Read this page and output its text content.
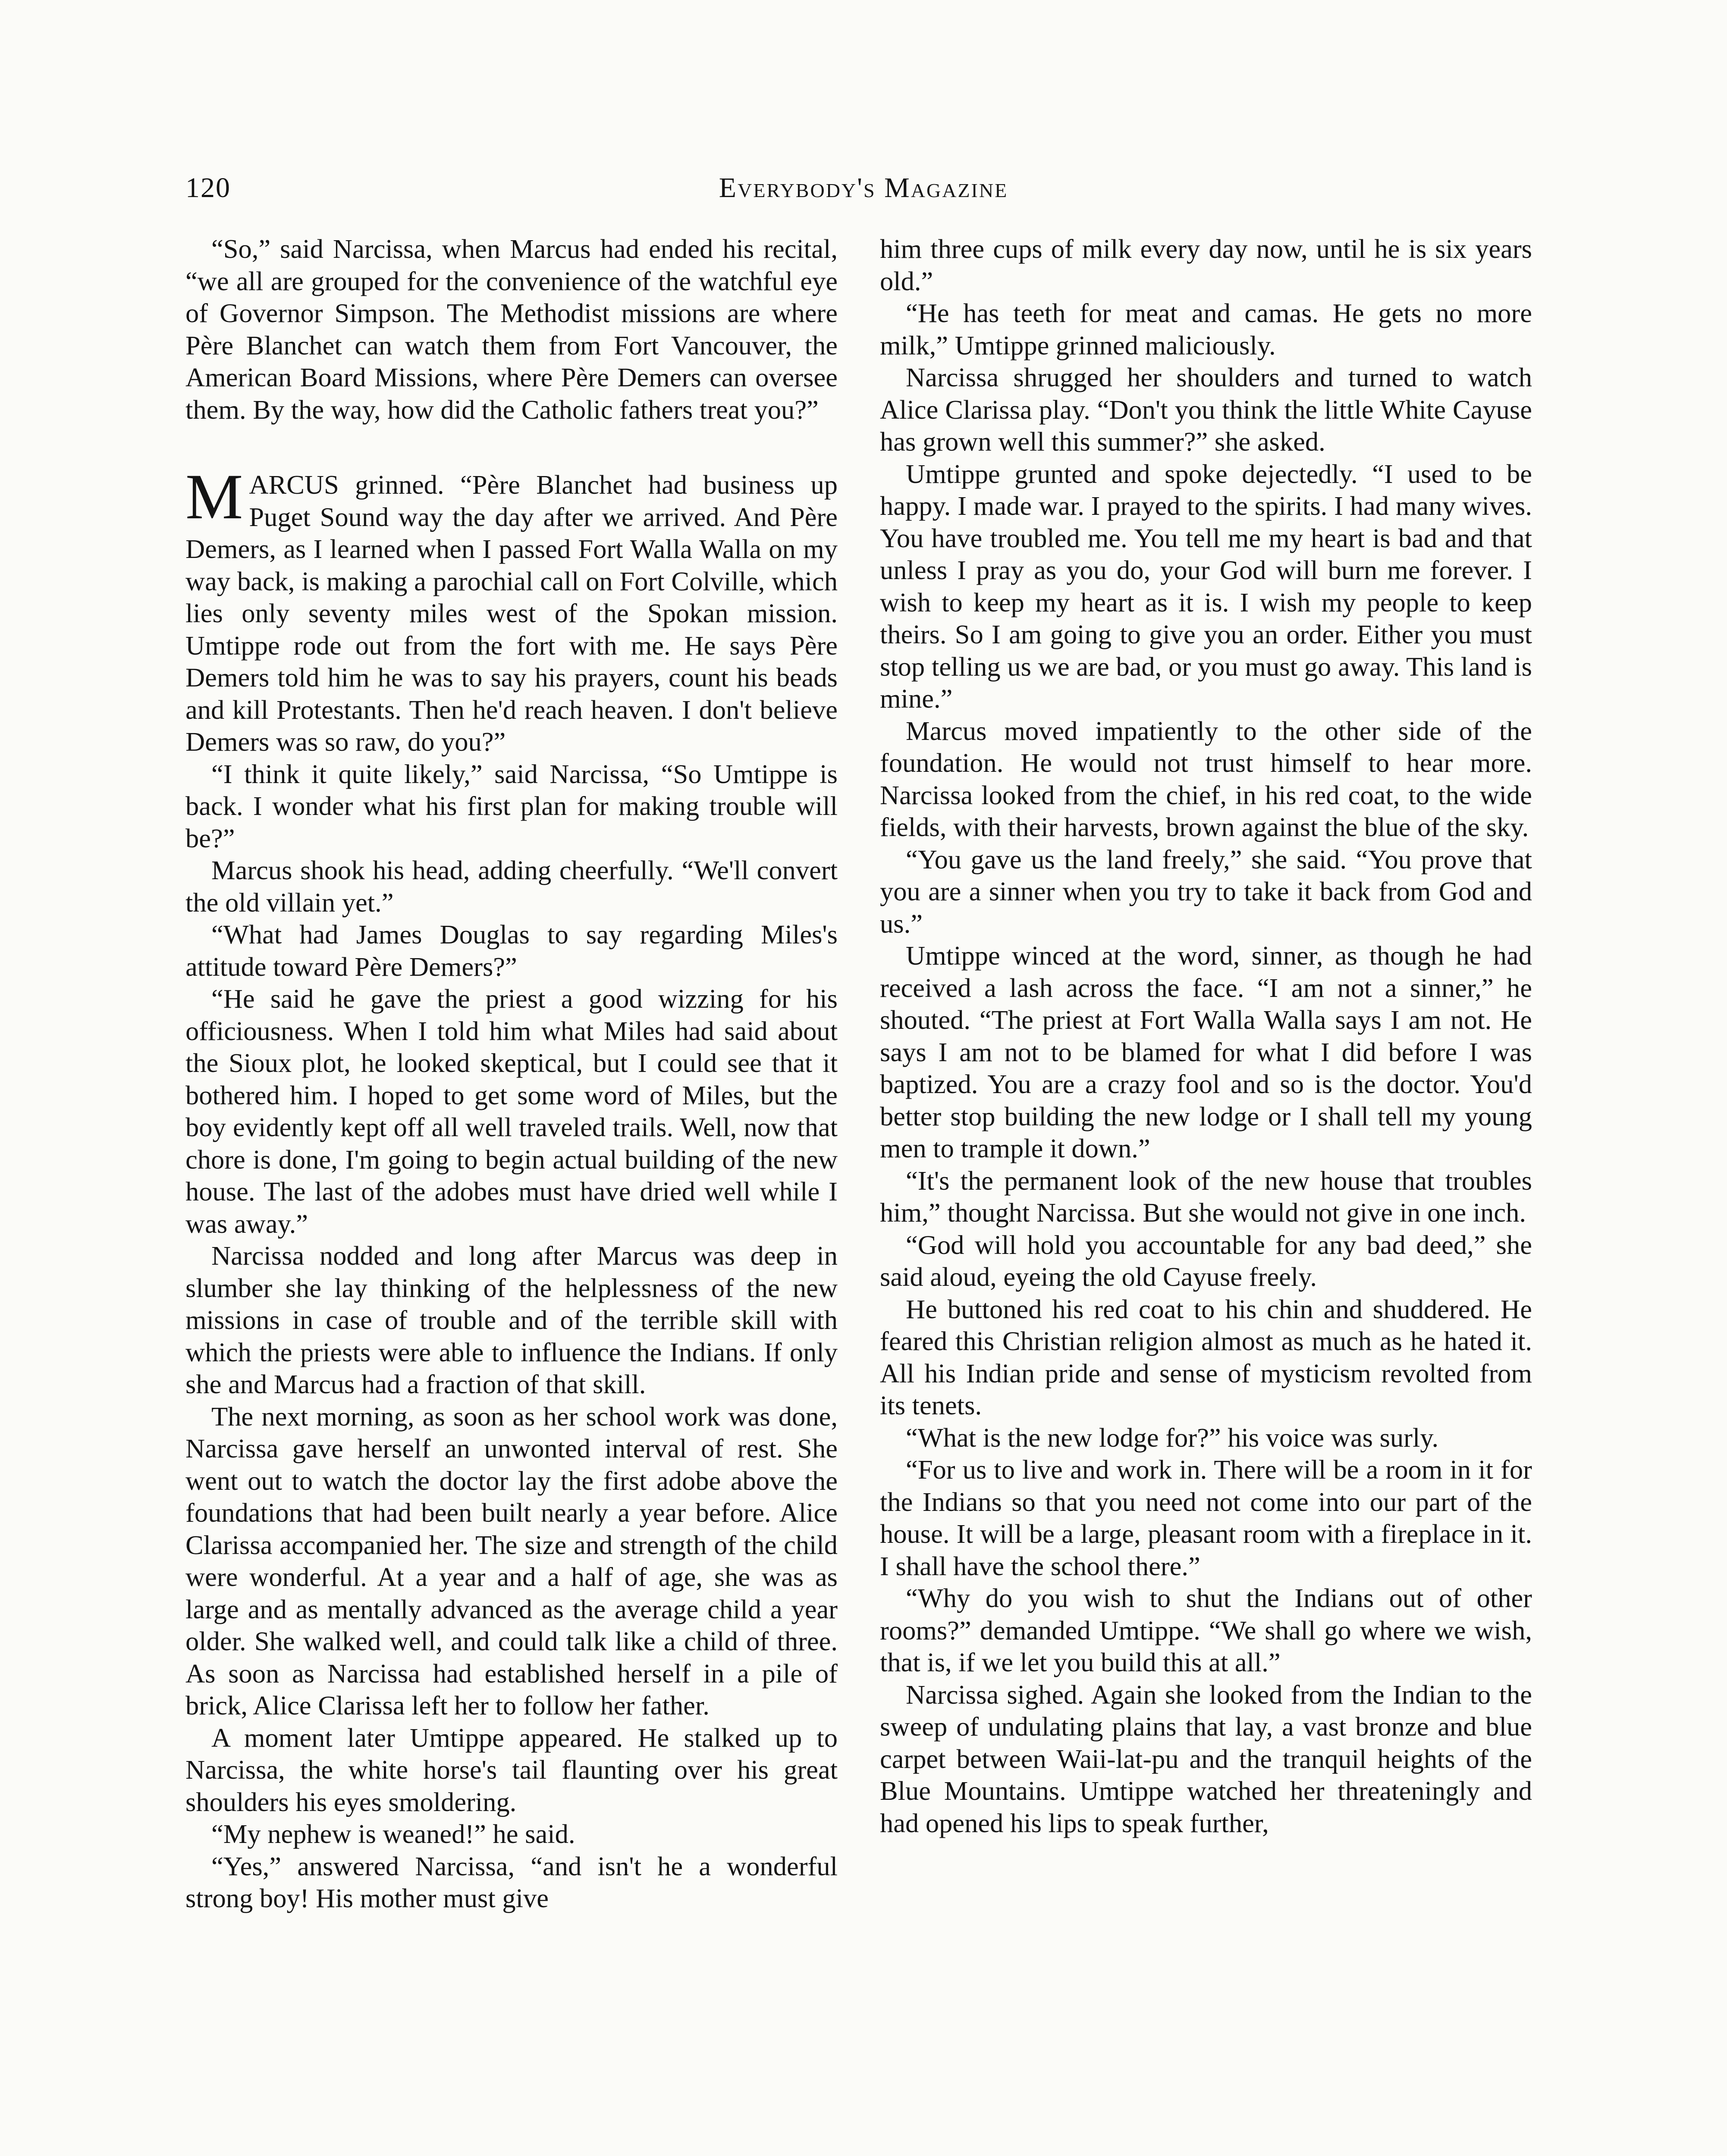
120	Everybody's Magazine

“So,” said Narcissa, when Marcus had ended his recital, “we all are grouped for the convenience of the watchful eye of Governor Simpson. The Methodist missions are where Père Blanchet can watch them from Fort Vancouver, the American Board Missions, where Père Demers can oversee them. By the way, how did the Catholic fathers treat you?”

MARCUS grinned. “Père Blanchet had business up Puget Sound way the day after we arrived. And Père Demers, as I learned when I passed Fort Walla Walla on my way back, is making a parochial call on Fort Colville, which lies only seventy miles west of the Spokan mission. Umtippe rode out from the fort with me. He says Père Demers told him he was to say his prayers, count his beads and kill Protestants. Then he'd reach heaven. I don't believe Demers was so raw, do you?”

“I think it quite likely,” said Narcissa, “So Umtippe is back. I wonder what his first plan for making trouble will be?”

Marcus shook his head, adding cheerfully. “We'll convert the old villain yet.”

“What had James Douglas to say regarding Miles's attitude toward Père Demers?”

“He said he gave the priest a good wizzing for his officiousness. When I told him what Miles had said about the Sioux plot, he looked skeptical, but I could see that it bothered him. I hoped to get some word of Miles, but the boy evidently kept off all well traveled trails. Well, now that chore is done, I'm going to begin actual building of the new house. The last of the adobes must have dried well while I was away.”

Narcissa nodded and long after Marcus was deep in slumber she lay thinking of the helplessness of the new missions in case of trouble and of the terrible skill with which the priests were able to influence the Indians. If only she and Marcus had a fraction of that skill.

The next morning, as soon as her school work was done, Narcissa gave herself an unwonted interval of rest. She went out to watch the doctor lay the first adobe above the foundations that had been built nearly a year before. Alice Clarissa accompanied her. The size and strength of the child were wonderful. At a year and a half of age, she was as large and as mentally advanced as the average child a year older. She walked well, and could talk like a child of three. As soon as Narcissa had established herself in a pile of brick, Alice Clarissa left her to follow her father.

A moment later Umtippe appeared. He stalked up to Narcissa, the white horse's tail flaunting over his great shoulders his eyes smoldering.

“My nephew is weaned!” he said.

“Yes,” answered Narcissa, “and isn't he a wonderful strong boy! His mother must give

him three cups of milk every day now, until he is six years old.”

“He has teeth for meat and camas. He gets no more milk,” Umtippe grinned maliciously.

Narcissa shrugged her shoulders and turned to watch Alice Clarissa play. “Don't you think the little White Cayuse has grown well this summer?” she asked.

Umtippe grunted and spoke dejectedly. “I used to be happy. I made war. I prayed to the spirits. I had many wives. You have troubled me. You tell me my heart is bad and that unless I pray as you do, your God will burn me forever. I wish to keep my heart as it is. I wish my people to keep theirs. So I am going to give you an order. Either you must stop telling us we are bad, or you must go away. This land is mine.”

Marcus moved impatiently to the other side of the foundation. He would not trust himself to hear more. Narcissa looked from the chief, in his red coat, to the wide fields, with their harvests, brown against the blue of the sky.

“You gave us the land freely,” she said. “You prove that you are a sinner when you try to take it back from God and us.”

Umtippe winced at the word, sinner, as though he had received a lash across the face. “I am not a sinner,” he shouted. “The priest at Fort Walla Walla says I am not. He says I am not to be blamed for what I did before I was baptized. You are a crazy fool and so is the doctor. You'd better stop building the new lodge or I shall tell my young men to trample it down.”

“It's the permanent look of the new house that troubles him,” thought Narcissa. But she would not give in one inch.

“God will hold you accountable for any bad deed,” she said aloud, eyeing the old Cayuse freely.

He buttoned his red coat to his chin and shuddered. He feared this Christian religion almost as much as he hated it. All his Indian pride and sense of mysticism revolted from its tenets.

“What is the new lodge for?” his voice was surly.

“For us to live and work in. There will be a room in it for the Indians so that you need not come into our part of the house. It will be a large, pleasant room with a fireplace in it. I shall have the school there.”

“Why do you wish to shut the Indians out of other rooms?” demanded Umtippe. “We shall go where we wish, that is, if we let you build this at all.”

Narcissa sighed. Again she looked from the Indian to the sweep of undulating plains that lay, a vast bronze and blue carpet between Waii-lat-pu and the tranquil heights of the Blue Mountains. Umtippe watched her threateningly and had opened his lips to speak further,
